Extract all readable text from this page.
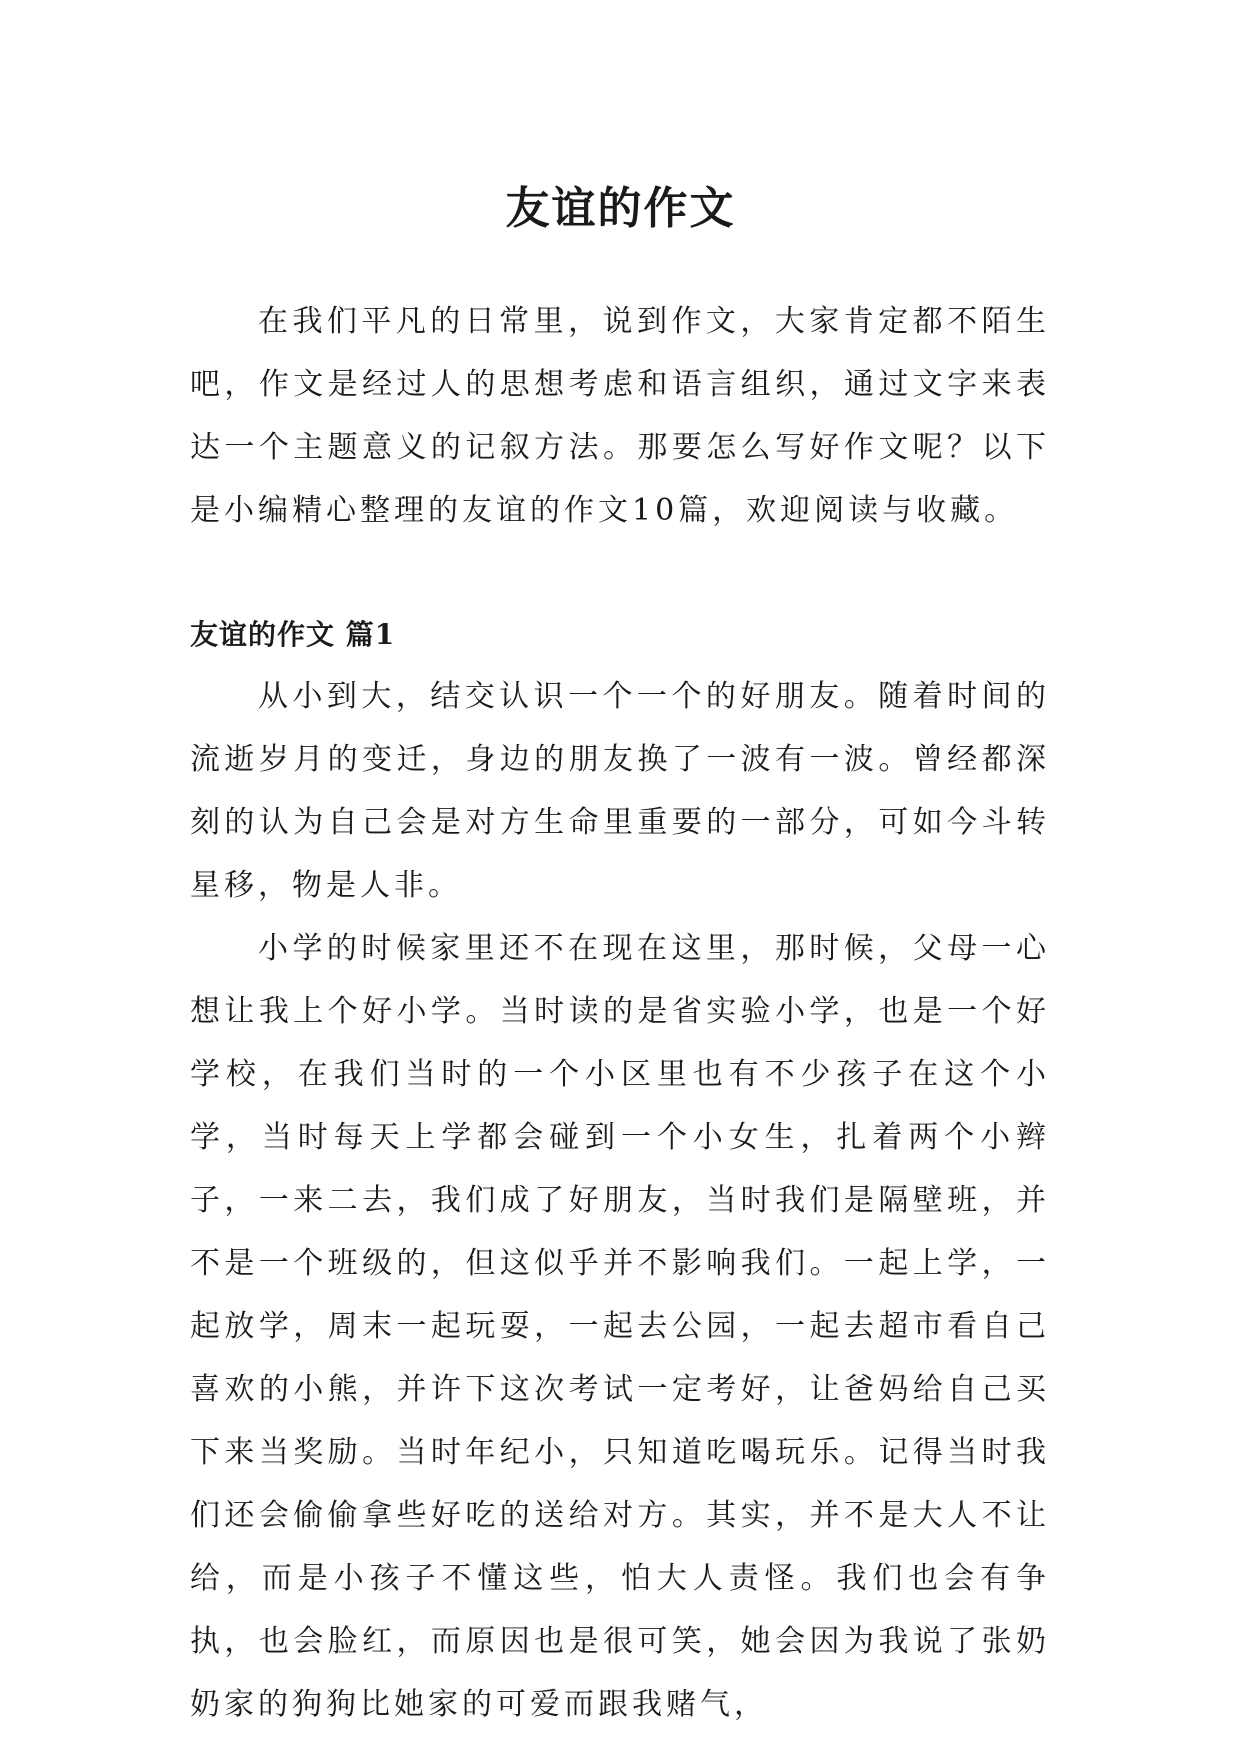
友谊的作文

在我们平凡的日常里，说到作文，大家肯定都不陌生吧，作文是经过人的思想考虑和语言组织，通过文字来表达一个主题意义的记叙方法。那要怎么写好作文呢？以下是小编精心整理的友谊的作文10篇，欢迎阅读与收藏。

友谊的作文 篇1

从小到大，结交认识一个一个的好朋友。随着时间的流逝岁月的变迁，身边的朋友换了一波有一波。曾经都深刻的认为自己会是对方生命里重要的一部分，可如今斗转星移，物是人非。

小学的时候家里还不在现在这里，那时候，父母一心想让我上个好小学。当时读的是省实验小学，也是一个好学校，在我们当时的一个小区里也有不少孩子在这个小学，当时每天上学都会碰到一个小女生，扎着两个小辫子，一来二去，我们成了好朋友，当时我们是隔壁班，并不是一个班级的，但这似乎并不影响我们。一起上学，一起放学，周末一起玩耍，一起去公园，一起去超市看自己喜欢的小熊，并许下这次考试一定考好，让爸妈给自己买下来当奖励。当时年纪小，只知道吃喝玩乐。记得当时我们还会偷偷拿些好吃的送给对方。其实，并不是大人不让给，而是小孩子不懂这些，怕大人责怪。我们也会有争执，也会脸红，而原因也是很可笑，她会因为我说了张奶奶家的狗狗比她家的可爱而跟我赌气，
